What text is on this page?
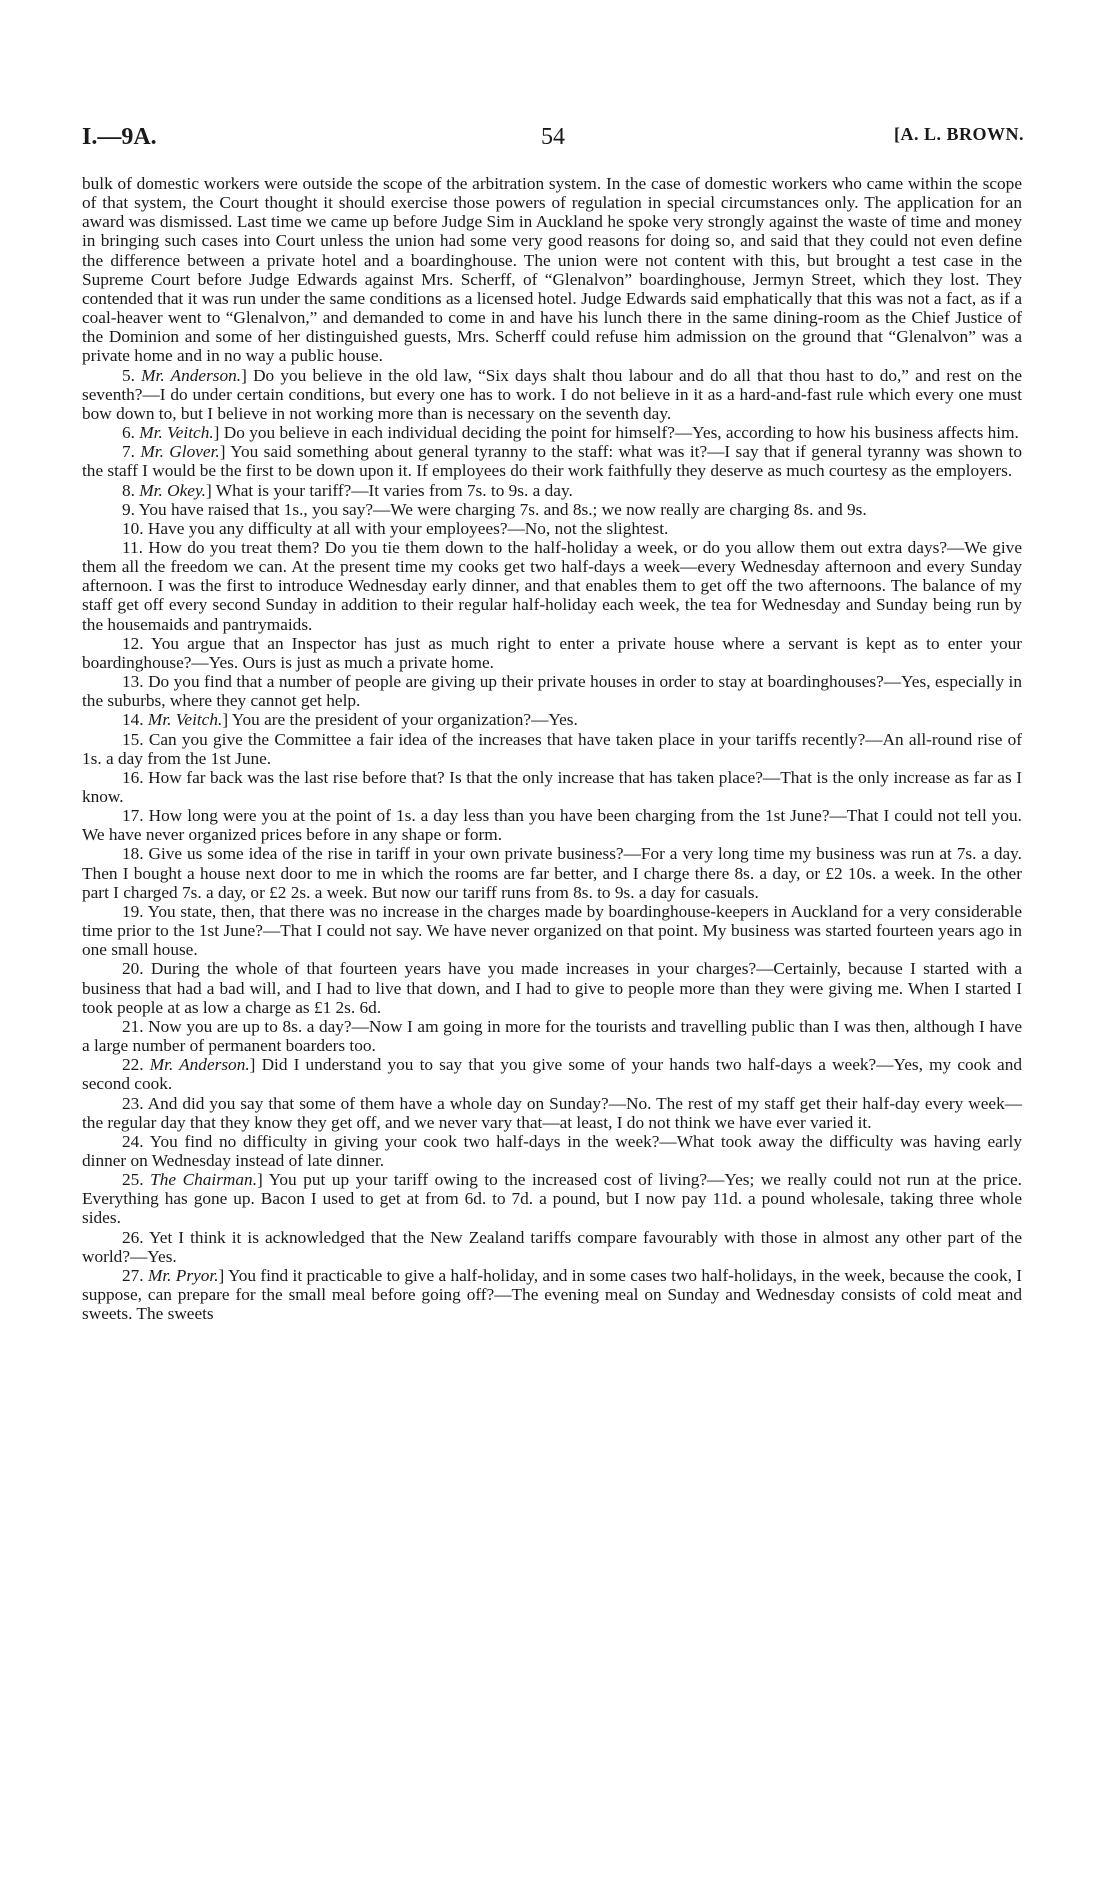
I.—9A.	54	[A. L. BROWN.

bulk of domestic workers were outside the scope of the arbitration system. In the case of domestic workers who came within the scope of that system, the Court thought it should exercise those powers of regulation in special circumstances only. The application for an award was dismissed. Last time we came up before Judge Sim in Auckland he spoke very strongly against the waste of time and money in bringing such cases into Court unless the union had some very good reasons for doing so, and said that they could not even define the difference between a private hotel and a boardinghouse. The union were not content with this, but brought a test case in the Supreme Court before Judge Edwards against Mrs. Scherff, of “Glenalvon” boardinghouse, Jermyn Street, which they lost. They contended that it was run under the same conditions as a licensed hotel. Judge Edwards said emphatically that this was not a fact, as if a coal-heaver went to “Glenalvon,” and demanded to come in and have his lunch there in the same dining-room as the Chief Justice of the Dominion and some of her distinguished guests, Mrs. Scherff could refuse him admission on the ground that “Glenalvon” was a private home and in no way a public house.

5. Mr. Anderson.] Do you believe in the old law, “Six days shalt thou labour and do all that thou hast to do,” and rest on the seventh?—I do under certain conditions, but every one has to work. I do not believe in it as a hard-and-fast rule which every one must bow down to, but I believe in not working more than is necessary on the seventh day.

6. Mr. Veitch.] Do you believe in each individual deciding the point for himself?—Yes, according to how his business affects him.

7. Mr. Glover.] You said something about general tyranny to the staff: what was it?—I say that if general tyranny was shown to the staff I would be the first to be down upon it. If employees do their work faithfully they deserve as much courtesy as the employers.

8. Mr. Okey.] What is your tariff?—It varies from 7s. to 9s. a day.

9. You have raised that 1s., you say?—We were charging 7s. and 8s.; we now really are charging 8s. and 9s.

10. Have you any difficulty at all with your employees?—No, not the slightest.

11. How do you treat them? Do you tie them down to the half-holiday a week, or do you allow them out extra days?—We give them all the freedom we can. At the present time my cooks get two half-days a week—every Wednesday afternoon and every Sunday afternoon. I was the first to introduce Wednesday early dinner, and that enables them to get off the two afternoons. The balance of my staff get off every second Sunday in addition to their regular half-holiday each week, the tea for Wednesday and Sunday being run by the housemaids and pantrymaids.

12. You argue that an Inspector has just as much right to enter a private house where a servant is kept as to enter your boardinghouse?—Yes. Ours is just as much a private home.

13. Do you find that a number of people are giving up their private houses in order to stay at boardinghouses?—Yes, especially in the suburbs, where they cannot get help.

14. Mr. Veitch.] You are the president of your organization?—Yes.

15. Can you give the Committee a fair idea of the increases that have taken place in your tariffs recently?—An all-round rise of 1s. a day from the 1st June.

16. How far back was the last rise before that? Is that the only increase that has taken place?—That is the only increase as far as I know.

17. How long were you at the point of 1s. a day less than you have been charging from the 1st June?—That I could not tell you. We have never organized prices before in any shape or form.

18. Give us some idea of the rise in tariff in your own private business?—For a very long time my business was run at 7s. a day. Then I bought a house next door to me in which the rooms are far better, and I charge there 8s. a day, or £2 10s. a week. In the other part I charged 7s. a day, or £2 2s. a week. But now our tariff runs from 8s. to 9s. a day for casuals.

19. You state, then, that there was no increase in the charges made by boardinghouse-keepers in Auckland for a very considerable time prior to the 1st June?—That I could not say. We have never organized on that point. My business was started fourteen years ago in one small house.

20. During the whole of that fourteen years have you made increases in your charges?—Certainly, because I started with a business that had a bad will, and I had to live that down, and I had to give to people more than they were giving me. When I started I took people at as low a charge as £1 2s. 6d.

21. Now you are up to 8s. a day?—Now I am going in more for the tourists and travelling public than I was then, although I have a large number of permanent boarders too.

22. Mr. Anderson.] Did I understand you to say that you give some of your hands two half-days a week?—Yes, my cook and second cook.

23. And did you say that some of them have a whole day on Sunday?—No. The rest of my staff get their half-day every week—the regular day that they know they get off, and we never vary that—at least, I do not think we have ever varied it.

24. You find no difficulty in giving your cook two half-days in the week?—What took away the difficulty was having early dinner on Wednesday instead of late dinner.

25. The Chairman.] You put up your tariff owing to the increased cost of living?—Yes; we really could not run at the price. Everything has gone up. Bacon I used to get at from 6d. to 7d. a pound, but I now pay 11d. a pound wholesale, taking three whole sides.

26. Yet I think it is acknowledged that the New Zealand tariffs compare favourably with those in almost any other part of the world?—Yes.

27. Mr. Pryor.] You find it practicable to give a half-holiday, and in some cases two half-holidays, in the week, because the cook, I suppose, can prepare for the small meal before going off?—The evening meal on Sunday and Wednesday consists of cold meat and sweets. The sweets
